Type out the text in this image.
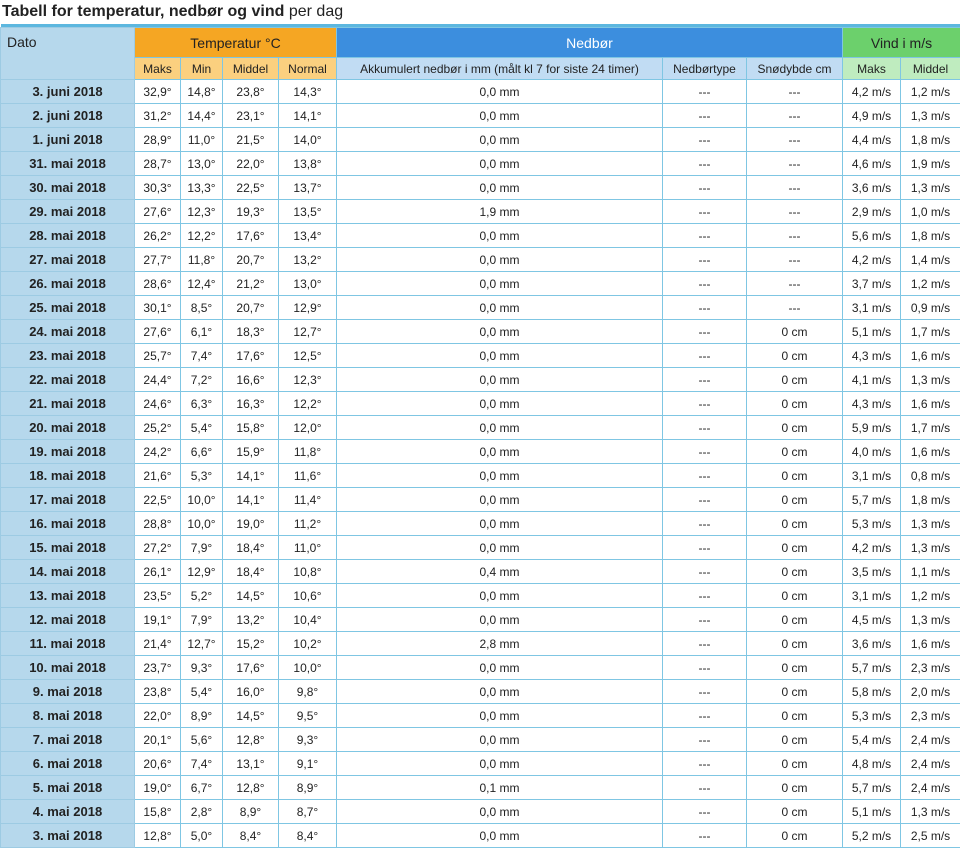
Tabell for temperatur, nedbør og vind per dag

Dato	Temperatur °C				Nedbør			Vind i m/s	
	Maks	Min	Middel	Normal	Akkumulert nedbør i mm (målt kl 7 for siste 24 timer)	Nedbørtype	Snødybde cm	Maks	Middel
3. juni 2018	32,9°	14,8°	23,8°	14,3°	0,0 mm	---	---	4,2 m/s	1,2 m/s
2. juni 2018	31,2°	14,4°	23,1°	14,1°	0,0 mm	---	---	4,9 m/s	1,3 m/s
1. juni 2018	28,9°	11,0°	21,5°	14,0°	0,0 mm	---	---	4,4 m/s	1,8 m/s
31. mai 2018	28,7°	13,0°	22,0°	13,8°	0,0 mm	---	---	4,6 m/s	1,9 m/s
30. mai 2018	30,3°	13,3°	22,5°	13,7°	0,0 mm	---	---	3,6 m/s	1,3 m/s
29. mai 2018	27,6°	12,3°	19,3°	13,5°	1,9 mm	---	---	2,9 m/s	1,0 m/s
28. mai 2018	26,2°	12,2°	17,6°	13,4°	0,0 mm	---	---	5,6 m/s	1,8 m/s
27. mai 2018	27,7°	11,8°	20,7°	13,2°	0,0 mm	---	---	4,2 m/s	1,4 m/s
26. mai 2018	28,6°	12,4°	21,2°	13,0°	0,0 mm	---	---	3,7 m/s	1,2 m/s
25. mai 2018	30,1°	8,5°	20,7°	12,9°	0,0 mm	---	---	3,1 m/s	0,9 m/s
24. mai 2018	27,6°	6,1°	18,3°	12,7°	0,0 mm	---	0 cm	5,1 m/s	1,7 m/s
23. mai 2018	25,7°	7,4°	17,6°	12,5°	0,0 mm	---	0 cm	4,3 m/s	1,6 m/s
22. mai 2018	24,4°	7,2°	16,6°	12,3°	0,0 mm	---	0 cm	4,1 m/s	1,3 m/s
21. mai 2018	24,6°	6,3°	16,3°	12,2°	0,0 mm	---	0 cm	4,3 m/s	1,6 m/s
20. mai 2018	25,2°	5,4°	15,8°	12,0°	0,0 mm	---	0 cm	5,9 m/s	1,7 m/s
19. mai 2018	24,2°	6,6°	15,9°	11,8°	0,0 mm	---	0 cm	4,0 m/s	1,6 m/s
18. mai 2018	21,6°	5,3°	14,1°	11,6°	0,0 mm	---	0 cm	3,1 m/s	0,8 m/s
17. mai 2018	22,5°	10,0°	14,1°	11,4°	0,0 mm	---	0 cm	5,7 m/s	1,8 m/s
16. mai 2018	28,8°	10,0°	19,0°	11,2°	0,0 mm	---	0 cm	5,3 m/s	1,3 m/s
15. mai 2018	27,2°	7,9°	18,4°	11,0°	0,0 mm	---	0 cm	4,2 m/s	1,3 m/s
14. mai 2018	26,1°	12,9°	18,4°	10,8°	0,4 mm	---	0 cm	3,5 m/s	1,1 m/s
13. mai 2018	23,5°	5,2°	14,5°	10,6°	0,0 mm	---	0 cm	3,1 m/s	1,2 m/s
12. mai 2018	19,1°	7,9°	13,2°	10,4°	0,0 mm	---	0 cm	4,5 m/s	1,3 m/s
11. mai 2018	21,4°	12,7°	15,2°	10,2°	2,8 mm	---	0 cm	3,6 m/s	1,6 m/s
10. mai 2018	23,7°	9,3°	17,6°	10,0°	0,0 mm	---	0 cm	5,7 m/s	2,3 m/s
9. mai 2018	23,8°	5,4°	16,0°	9,8°	0,0 mm	---	0 cm	5,8 m/s	2,0 m/s
8. mai 2018	22,0°	8,9°	14,5°	9,5°	0,0 mm	---	0 cm	5,3 m/s	2,3 m/s
7. mai 2018	20,1°	5,6°	12,8°	9,3°	0,0 mm	---	0 cm	5,4 m/s	2,4 m/s
6. mai 2018	20,6°	7,4°	13,1°	9,1°	0,0 mm	---	0 cm	4,8 m/s	2,4 m/s
5. mai 2018	19,0°	6,7°	12,8°	8,9°	0,1 mm	---	0 cm	5,7 m/s	2,4 m/s
4. mai 2018	15,8°	2,8°	8,9°	8,7°	0,0 mm	---	0 cm	5,1 m/s	1,3 m/s
3. mai 2018	12,8°	5,0°	8,4°	8,4°	0,0 mm	---	0 cm	5,2 m/s	2,5 m/s
